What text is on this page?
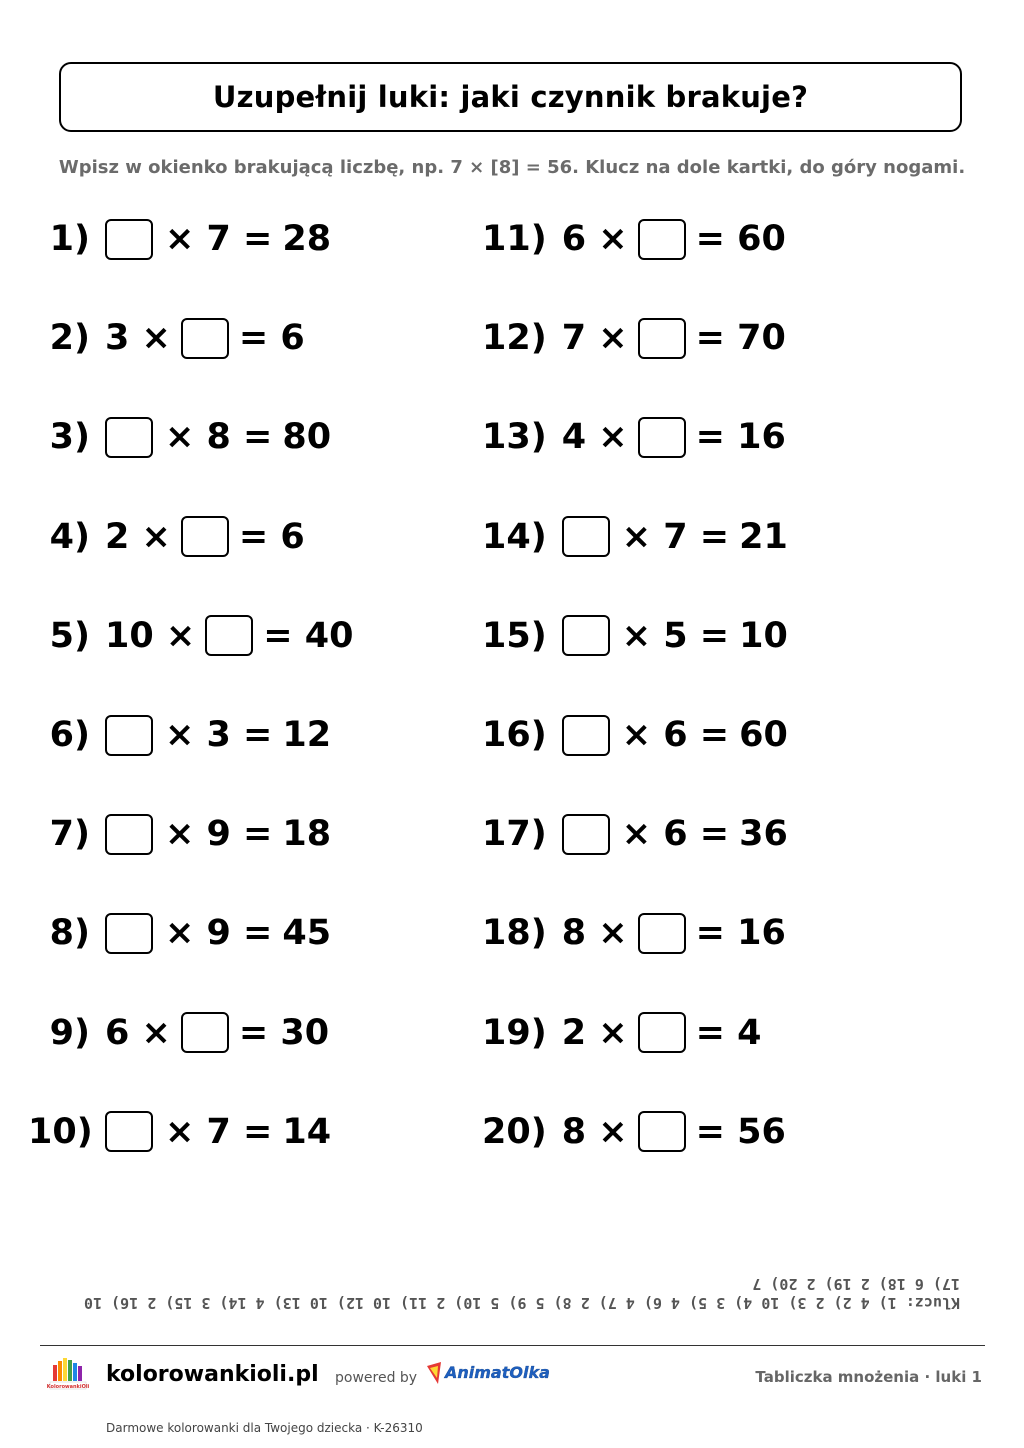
Uzupełnij luki: jaki czynnik brakuje?
Wpisz w okienko brakującą liczbę, np. 7 × [8] = 56. Klucz na dole kartki, do góry nogami.
1) × 7 = 28
2) 3 × = 6
3) × 8 = 80
4) 2 × = 6
5) 10 × = 40
6) × 3 = 12
7) × 9 = 18
8) × 9 = 45
9) 6 × = 30
10) × 7 = 14
11) 6 × = 60
12) 7 × = 70
13) 4 × = 16
14) × 7 = 21
15) × 5 = 10
16) × 6 = 60
17) × 6 = 36
18) 8 × = 16
19) 2 × = 4
20) 8 × = 56
Klucz: 1) 4 2) 2 3) 10 4) 3 5) 4 6) 4 7) 2 8) 5 9) 5 10) 2 11) 10 12) 10 13) 4 14) 3 15) 2 16) 10
17) 6 18) 2 19) 2 20) 7
KolorowankiOli kolorowankioli.pl powered by AnimatOlka	Tabliczka mnożenia · luki 1
Darmowe kolorowanki dla Twojego dziecka · K-26310
